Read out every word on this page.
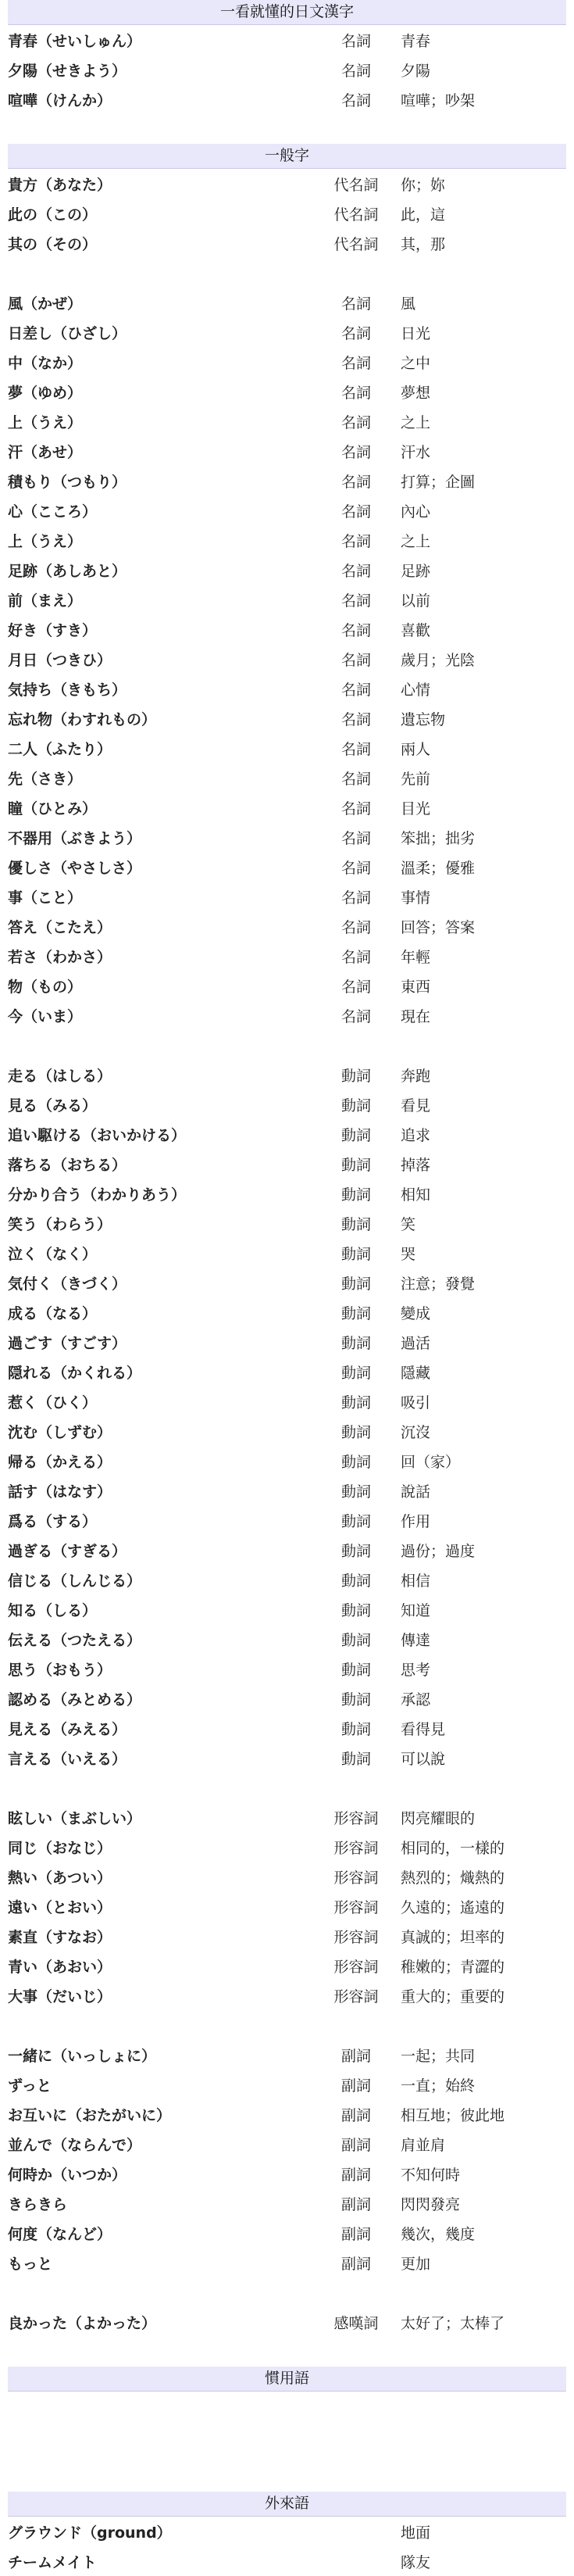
一看就懂的日文漢字
青春（せいしゅん）	名詞	青春
夕陽（せきよう）	名詞	夕陽
喧嘩（けんか）	名詞	喧嘩；吵架
一般字
貴方（あなた）	代名詞	你；妳
此の（この）	代名詞	此，這
其の（その）	代名詞	其，那

風（かぜ）	名詞	風
日差し（ひざし）	名詞	日光
中（なか）	名詞	之中
夢（ゆめ）	名詞	夢想
上（うえ）	名詞	之上
汗（あせ）	名詞	汗水
積もり（つもり）	名詞	打算；企圖
心（こころ）	名詞	內心
上（うえ）	名詞	之上
足跡（あしあと）	名詞	足跡
前（まえ）	名詞	以前
好き（すき）	名詞	喜歡
月日（つきひ）	名詞	歲月；光陰
気持ち（きもち）	名詞	心情
忘れ物（わすれもの）	名詞	遺忘物
二人（ふたり）	名詞	兩人
先（さき）	名詞	先前
瞳（ひとみ）	名詞	目光
不器用（ぶきよう）	名詞	笨拙；拙劣
優しさ（やさしさ）	名詞	溫柔；優雅
事（こと）	名詞	事情
答え（こたえ）	名詞	回答；答案
若さ（わかさ）	名詞	年輕
物（もの）	名詞	東西
今（いま）	名詞	現在

走る（はしる）	動詞	奔跑
見る（みる）	動詞	看見
追い駆ける（おいかける）	動詞	追求
落ちる（おちる）	動詞	掉落
分かり合う（わかりあう）	動詞	相知
笑う（わらう）	動詞	笑
泣く（なく）	動詞	哭
気付く（きづく）	動詞	注意；發覺
成る（なる）	動詞	變成
過ごす（すごす）	動詞	過活
隠れる（かくれる）	動詞	隱藏
惹く（ひく）	動詞	吸引
沈む（しずむ）	動詞	沉沒
帰る（かえる）	動詞	回（家）
話す（はなす）	動詞	說話
爲る（する）	動詞	作用
過ぎる（すぎる）	動詞	過份；過度
信じる（しんじる）	動詞	相信
知る（しる）	動詞	知道
伝える（つたえる）	動詞	傳達
思う（おもう）	動詞	思考
認める（みとめる）	動詞	承認
見える（みえる）	動詞	看得見
言える（いえる）	動詞	可以說

眩しい（まぶしい）	形容詞	閃亮耀眼的
同じ（おなじ）	形容詞	相同的，一樣的
熱い（あつい）	形容詞	熱烈的；熾熱的
遠い（とおい）	形容詞	久遠的；遙遠的
素直（すなお）	形容詞	真誠的；坦率的
青い（あおい）	形容詞	稚嫩的；青澀的
大事（だいじ）	形容詞	重大的；重要的

一緒に（いっしょに）	副詞	一起；共同
ずっと	副詞	一直；始終
お互いに（おたがいに）	副詞	相互地；彼此地
並んで（ならんで）	副詞	肩並肩
何時か（いつか）	副詞	不知何時
きらきら	副詞	閃閃發亮
何度（なんど）	副詞	幾次，幾度
もっと	副詞	更加

良かった（よかった）	感嘆詞	太好了；太棒了
慣用語
外來語
グラウンド（ground）		地面
チームメイト		隊友
